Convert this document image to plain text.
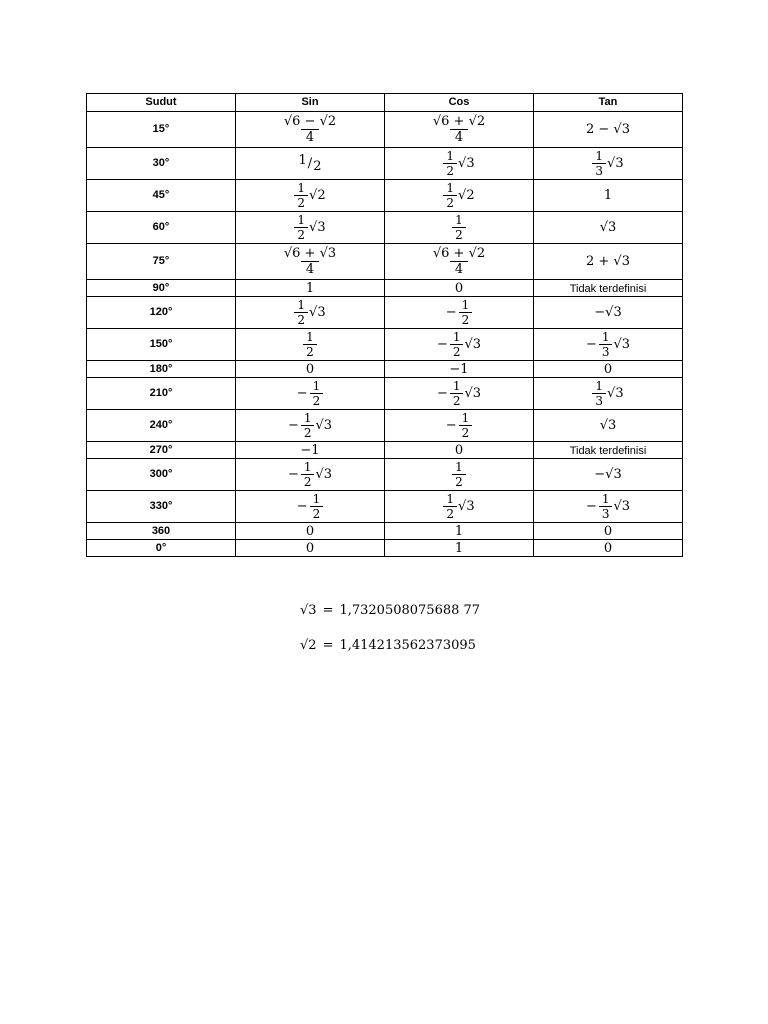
Sudut	Sin	Cos	Tan
15°	$\frac{√6 - √2}{4}$	$\frac{√6 + √2}{4}$	2 − √3

30°	1 / 2	$\frac{1}{2} √3$	$\frac{1}{3} √3$

45°	$\frac{1}{2} √2$	$\frac{1}{2} √2$	1

60°	$\frac{1}{2} √3$	$\frac{1}{2}$	√3

75°	$\frac{√6 + √3}{4}$	$\frac{√6 + √2}{4}$	2 + √3

90°	1	0	Tidak terdefinisi

120°	$\frac{1}{2} √3$	− $\frac{1}{2}$	−√3

150°	$\frac{1}{2}$	− $\frac{1}{2} √3$	− $\frac{1}{3} √3$

180°	0	−1	0

210°	− $\frac{1}{2}$	− $\frac{1}{2} √3$	$\frac{1}{3} √3$

240°	− $\frac{1}{2} √3$	− $\frac{1}{2}$	√3

270°	−1	0	Tidak terdefinisi

300°	− $\frac{1}{2} √3$	$\frac{1}{2}$	−√3

330°	− $\frac{1}{2}$	$\frac{1}{2} √3$	− $\frac{1}{3} √3$

360	0	1	0

0°	0	1	0
√3 = 1,7320508075688 77
√2 = 1,414213562373095
